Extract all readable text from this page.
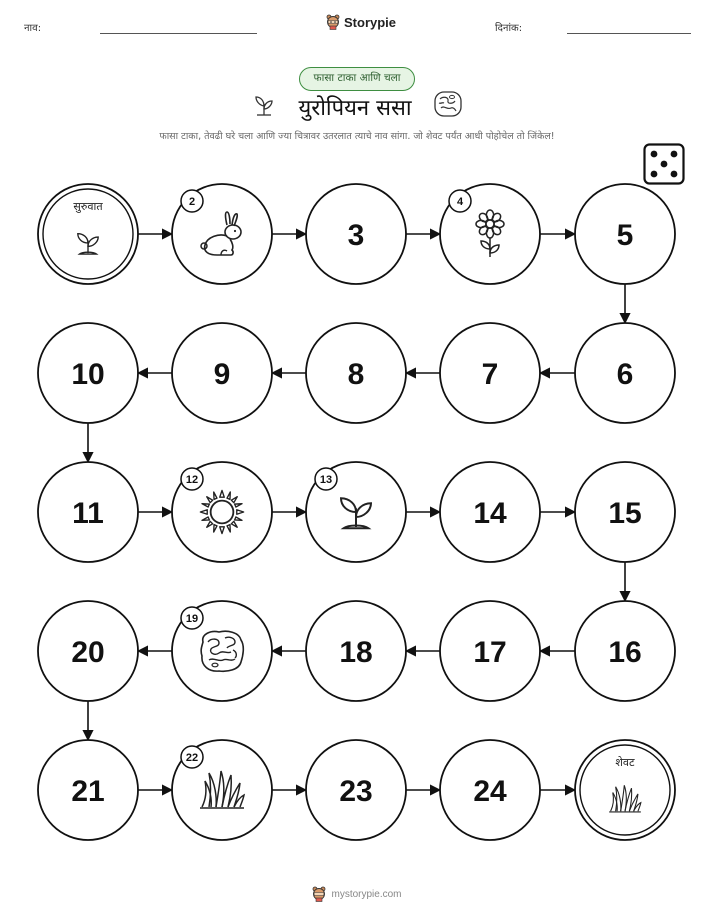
नाव:	Storypie	दिनांक:
फासा टाका आणि चला
युरोपियन ससा
फासा टाका, तेवढी घरे चला आणि ज्या चित्रावर उतरलात त्याचे नाव सांगा. जो शेवट पर्यंत आधी पोहोचेल तो जिंकेल!
सुरुवात	2
3
4
5
6
7
8
9
10
11
12	13
14	15
16
17
18
19
20
21
22
23	24
शेवट
mystorypie.com
